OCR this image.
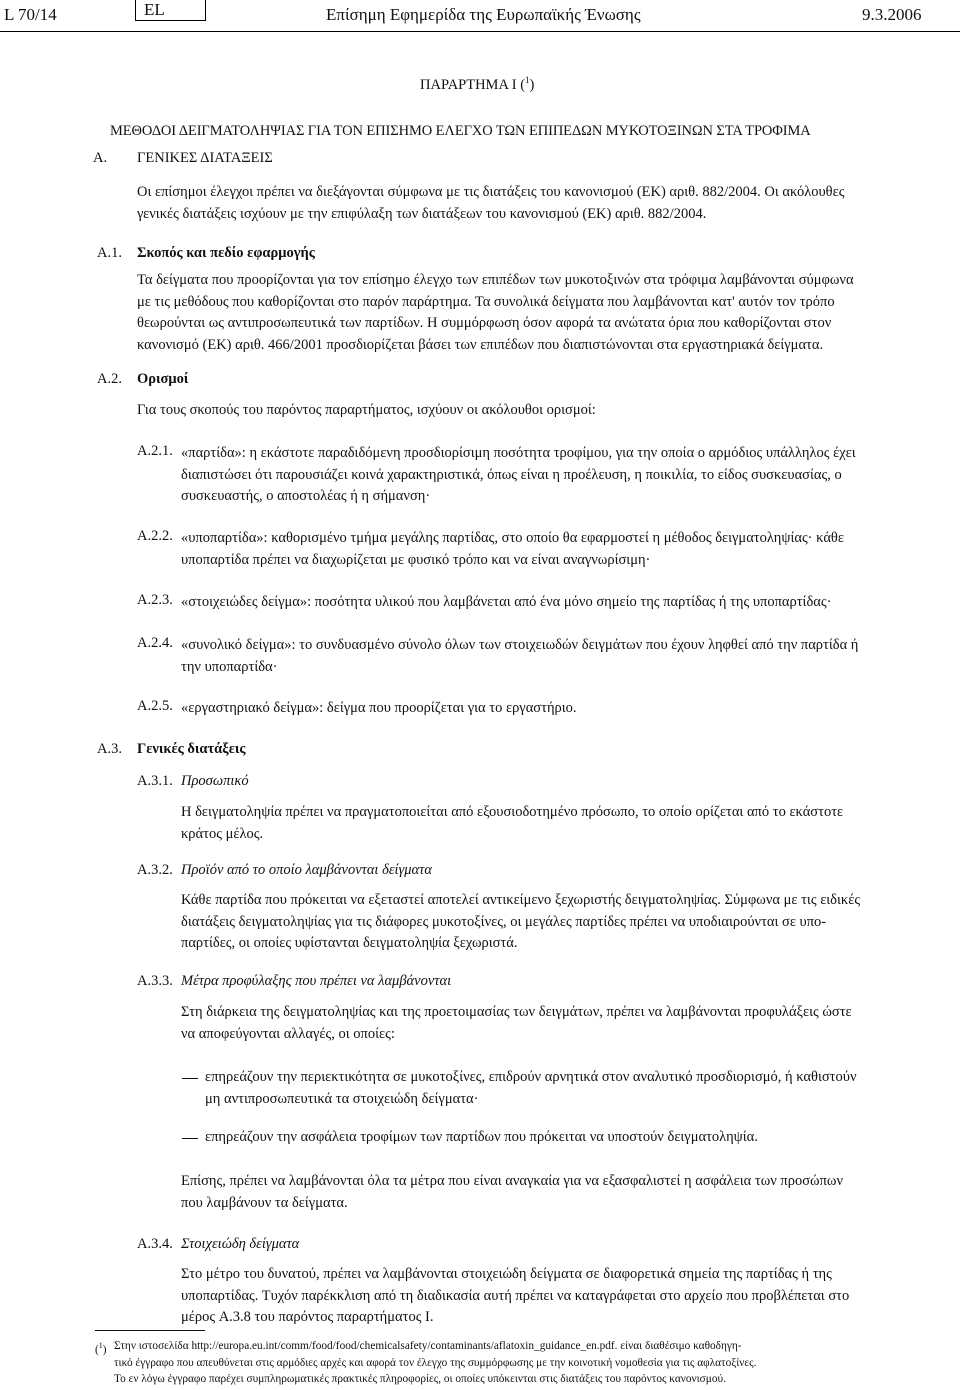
L 70/14	EL	Επίσημη Εφημερίδα της Ευρωπαϊκής Ένωσης	9.3.2006
ΠΑΡΑΡΤΗΜΑ I ($^1$)
ΜΕΘΟΔΟΙ ΔΕΙΓΜΑΤΟΛΗΨΙΑΣ ΓΙΑ ΤΟΝ ΕΠΙΣΗΜΟ ΕΛΕΓΧΟ ΤΩΝ ΕΠΙΠΕΔΩΝ ΜΥΚΟΤΟΞΙΝΩΝ ΣΤΑ ΤΡΟΦΙΜΑ
A. ΓΕΝΙΚΕΣ ΔΙΑΤΑΞΕΙΣ

Οι επίσημοι έλεγχοι πρέπει να διεξάγονται σύμφωνα με τις διατάξεις του κανονισμού (ΕΚ) αριθ. 882/2004. Οι ακόλουθες

γενικές διατάξεις ισχύουν με την επιφύλαξη των διατάξεων του κανονισμού (ΕΚ) αριθ. 882/2004.

A.1. Σκοπός και πεδίο εφαρμογής

Τα δείγματα που προορίζονται για τον επίσημο έλεγχο των επιπέδων των μυκοτοξινών στα τρόφιμα λαμβάνονται σύμφωνα

με τις μεθόδους που καθορίζονται στο παρόν παράρτημα. Τα συνολικά δείγματα που λαμβάνονται κατ' αυτόν τον τρόπο

θεωρούνται ως αντιπροσωπευτικά των παρτίδων. Η συμμόρφωση όσον αφορά τα ανώτατα όρια που καθορίζονται στον

κανονισμό (ΕΚ) αριθ. 466/2001 προσδιορίζεται βάσει των επιπέδων που διαπιστώνονται στα εργαστηριακά δείγματα.

A.2. Ορισμοί
Για τους σκοπούς του παρόντος παραρτήματος, ισχύουν οι ακόλουθοι ορισμοί:
A.2.1. «παρτίδα»: η εκάστοτε παραδιδόμενη προσδιορίσιμη ποσότητα τροφίμου, για την οποία ο αρμόδιος υπάλληλος έχει

διαπιστώσει ότι παρουσιάζει κοινά χαρακτηριστικά, όπως είναι η προέλευση, η ποικιλία, το είδος συσκευασίας, ο

συσκευαστής, ο αποστολέας ή η σήμανση·

A.2.2. «υποπαρτίδα»: καθορισμένο τμήμα μεγάλης παρτίδας, στο οποίο θα εφαρμοστεί η μέθοδος δειγματοληψίας· κάθε

υποπαρτίδα πρέπει να διαχωρίζεται με φυσικό τρόπο και να είναι αναγνωρίσιμη·

A.2.3. «στοιχειώδες δείγμα»: ποσότητα υλικού που λαμβάνεται από ένα μόνο σημείο της παρτίδας ή της υποπαρτίδας·

A.2.4. «συνολικό δείγμα»: το συνδυασμένο σύνολο όλων των στοιχειωδών δειγμάτων που έχουν ληφθεί από την παρτίδα ή

την υποπαρτίδα·

A.2.5. «εργαστηριακό δείγμα»: δείγμα που προορίζεται για το εργαστήριο.

A.3. Γενικές διατάξεις
A.3.1. Προσωπικό

Η δειγματοληψία πρέπει να πραγματοποιείται από εξουσιοδοτημένο πρόσωπο, το οποίο ορίζεται από το εκάστοτε

κράτος μέλος.

A.3.2. Προϊόν από το οποίο λαμβάνονται δείγματα

Κάθε παρτίδα που πρόκειται να εξεταστεί αποτελεί αντικείμενο ξεχωριστής δειγματοληψίας. Σύμφωνα με τις ειδικές

διατάξεις δειγματοληψίας για τις διάφορες μυκοτοξίνες, οι μεγάλες παρτίδες πρέπει να υποδιαιρούνται σε υπο-

παρτίδες, οι οποίες υφίστανται δειγματοληψία ξεχωριστά.

A.3.3. Μέτρα προφύλαξης που πρέπει να λαμβάνονται

Στη διάρκεια της δειγματοληψίας και της προετοιμασίας των δειγμάτων, πρέπει να λαμβάνονται προφυλάξεις ώστε

να αποφεύγονται αλλαγές, οι οποίες:

επηρεάζουν την περιεκτικότητα σε μυκοτοξίνες, επιδρούν αρνητικά στον αναλυτικό προσδιορισμό, ή καθιστούν

μη αντιπροσωπευτικά τα στοιχειώδη δείγματα·

επηρεάζουν την ασφάλεια τροφίμων των παρτίδων που πρόκειται να υποστούν δειγματοληψία.

Επίσης, πρέπει να λαμβάνονται όλα τα μέτρα που είναι αναγκαία για να εξασφαλιστεί η ασφάλεια των προσώπων

που λαμβάνουν τα δείγματα.

A.3.4. Στοιχειώδη δείγματα

Στο μέτρο του δυνατού, πρέπει να λαμβάνονται στοιχειώδη δείγματα σε διαφορετικά σημεία της παρτίδας ή της

υποπαρτίδας. Τυχόν παρέκκλιση από τη διαδικασία αυτή πρέπει να καταγράφεται στο αρχείο που προβλέπεται στο

μέρος A.3.8 του παρόντος παραρτήματος I.

($^1$) Στην ιστοσελίδα http://europa.eu.int/comm/food/food/chemicalsafety/contaminants/aflatoxin_guidance_en.pdf. είναι διαθέσιμο καθοδηγη-
τικό έγγραφο που απευθύνεται στις αρμόδιες αρχές και αφορά τον έλεγχο της συμμόρφωσης με την κοινοτική νομοθεσία για τις αφλατοξίνες.
Το εν λόγω έγγραφο παρέχει συμπληρωματικές πρακτικές πληροφορίες, οι οποίες υπόκεινται στις διατάξεις του παρόντος κανονισμού.
